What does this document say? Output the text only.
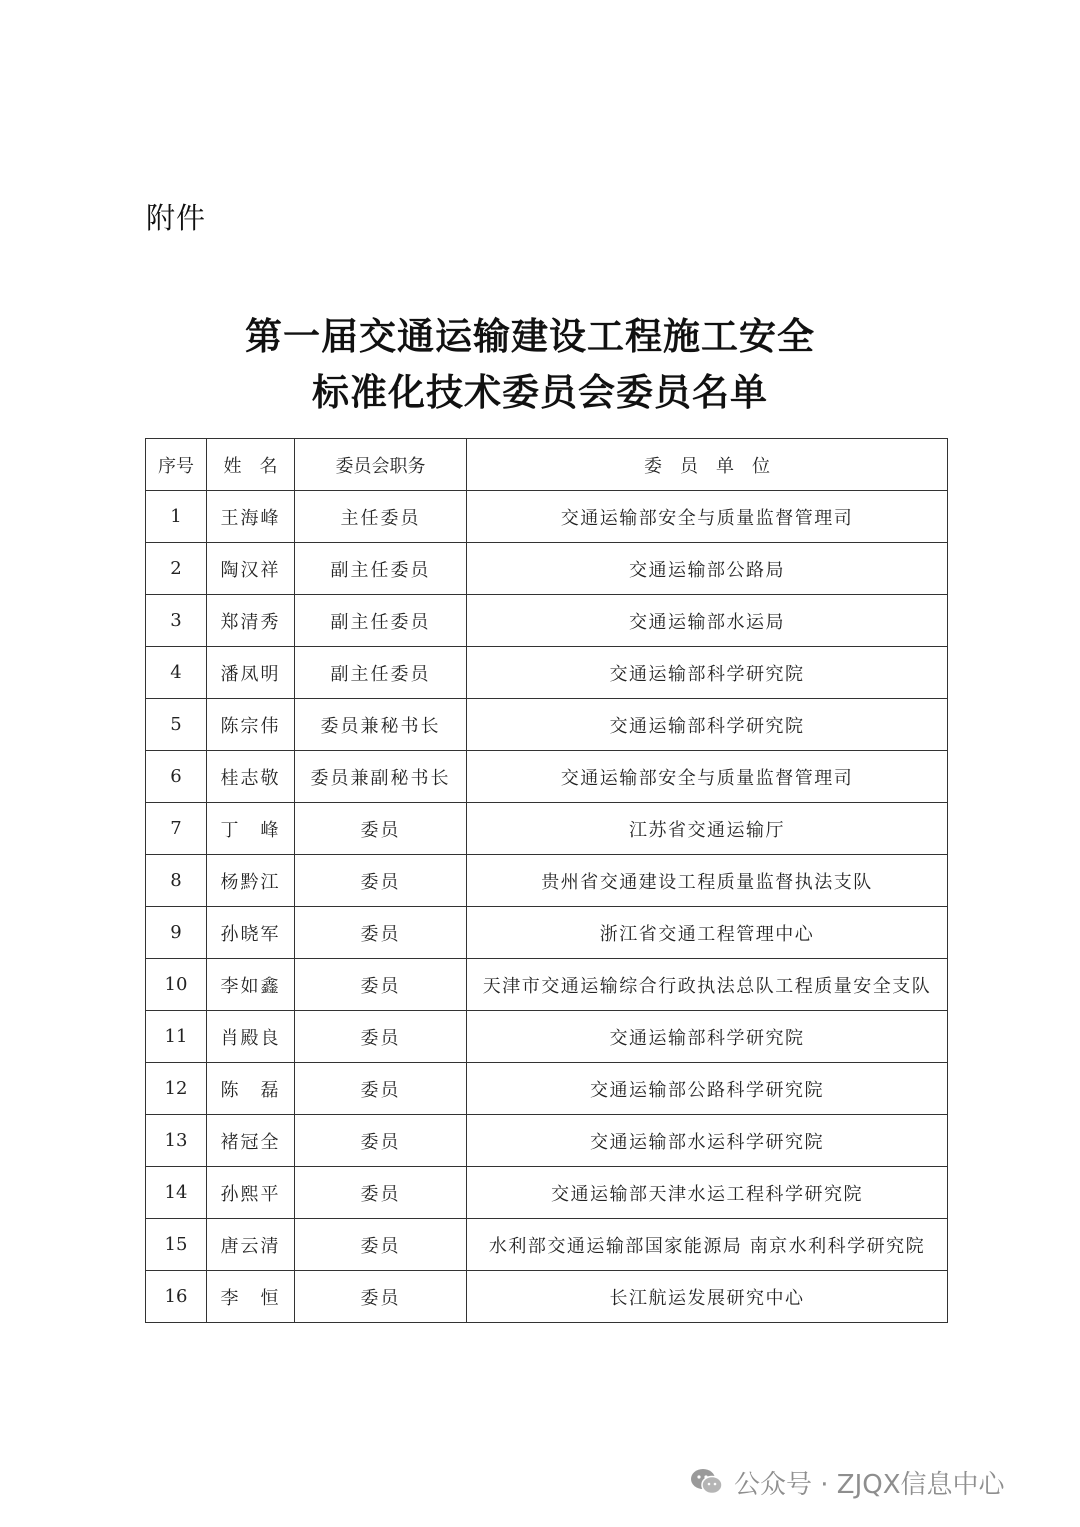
附件
第一届交通运输建设工程施工安全
标准化技术委员会委员名单
序号	姓　名	委员会职务	委　员　单　位
1	王海峰	主任委员	交通运输部安全与质量监督管理司
2	陶汉祥	副主任委员	交通运输部公路局
3	郑清秀	副主任委员	交通运输部水运局
4	潘凤明	副主任委员	交通运输部科学研究院
5	陈宗伟	委员兼秘书长	交通运输部科学研究院
6	桂志敬	委员兼副秘书长	交通运输部安全与质量监督管理司
7	丁　峰	委员	江苏省交通运输厅
8	杨黔江	委员	贵州省交通建设工程质量监督执法支队
9	孙晓军	委员	浙江省交通工程管理中心
10	李如鑫	委员	天津市交通运输综合行政执法总队工程质量安全支队
11	肖殿良	委员	交通运输部科学研究院
12	陈　磊	委员	交通运输部公路科学研究院
13	褚冠全	委员	交通运输部水运科学研究院
14	孙熙平	委员	交通运输部天津水运工程科学研究院
15	唐云清	委员	水利部交通运输部国家能源局 南京水利科学研究院
16	李　恒	委员	长江航运发展研究中心
公众号 · ZJQX信息中心
